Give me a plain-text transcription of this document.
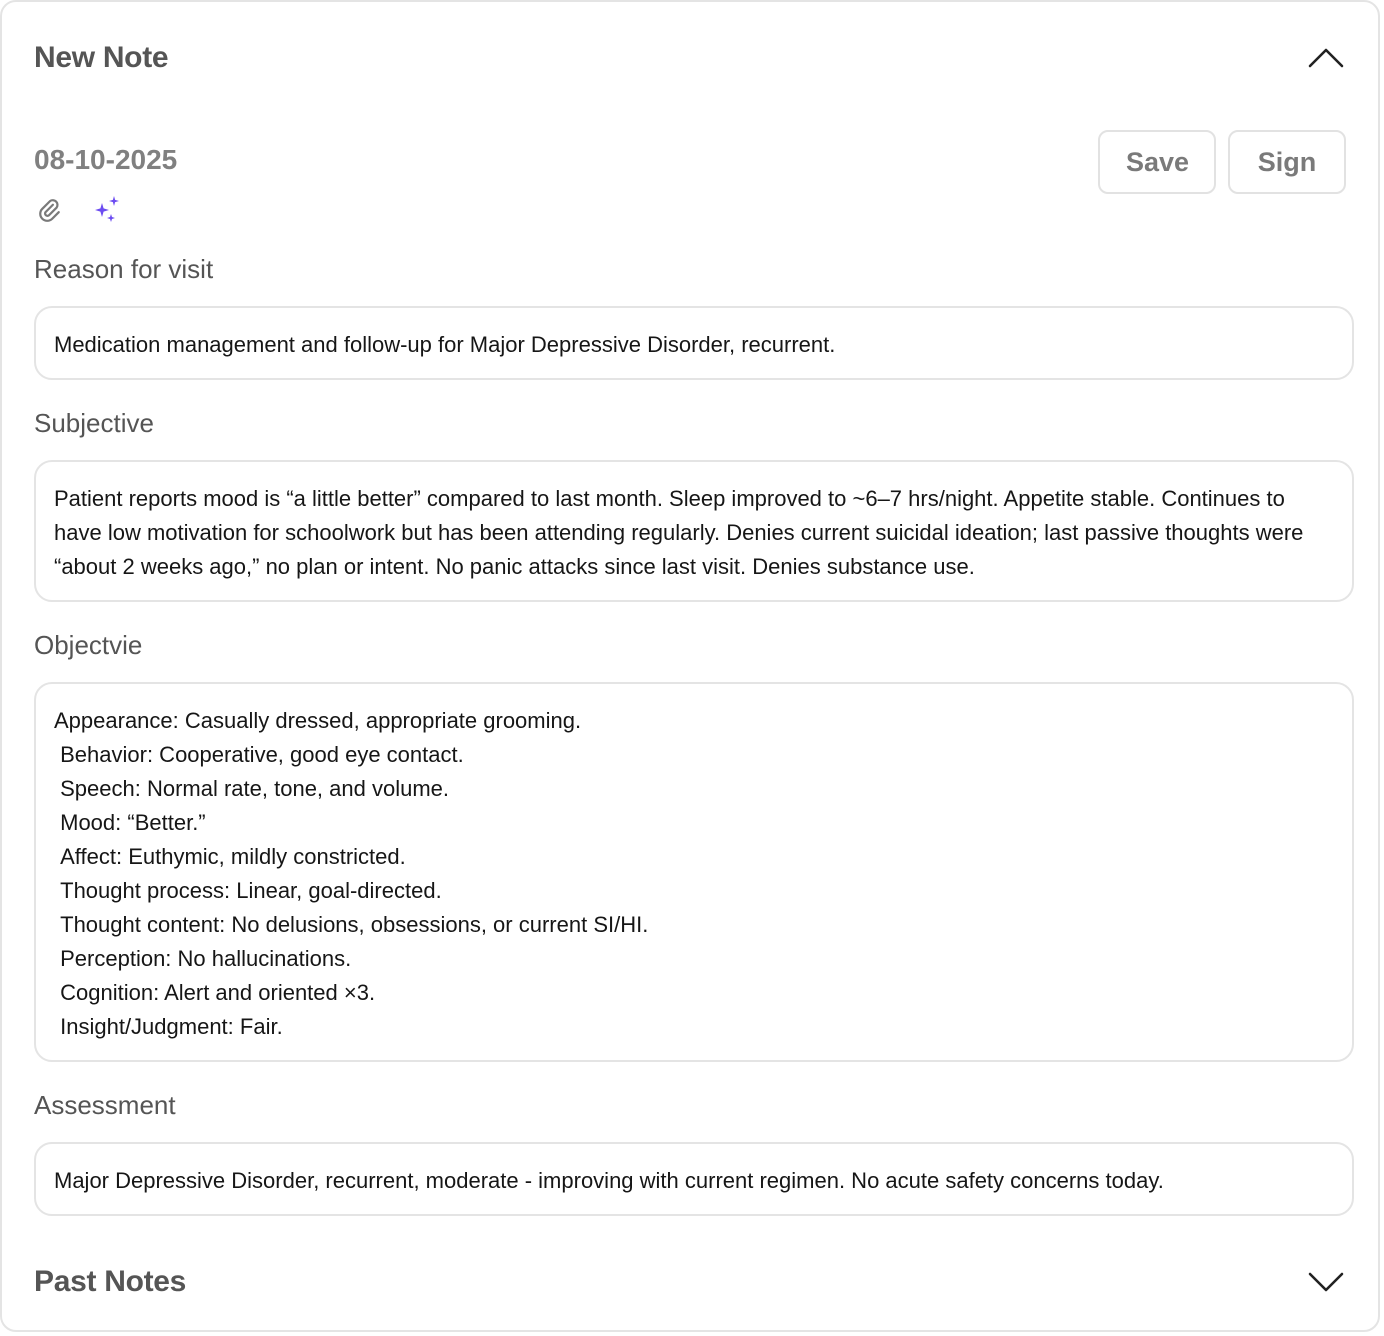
New Note
08-10-2025	Save	Sign
Reason for visit
Medication management and follow-up for Major Depressive Disorder, recurrent.
Subjective
Patient reports mood is “a little better” compared to last month. Sleep improved to ~6–7 hrs/night. Appetite stable. Continues to have low motivation for schoolwork but has been attending regularly. Denies current suicidal ideation; last passive thoughts were “about 2 weeks ago,” no plan or intent. No panic attacks since last visit. Denies substance use.
Objectvie
Appearance: Casually dressed, appropriate grooming.
Behavior: Cooperative, good eye contact.
Speech: Normal rate, tone, and volume.
Mood: “Better.”
Affect: Euthymic, mildly constricted.
Thought process: Linear, goal-directed.
Thought content: No delusions, obsessions, or current SI/HI.
Perception: No hallucinations.
Cognition: Alert and oriented ×3.
Insight/Judgment: Fair.
Assessment
Major Depressive Disorder, recurrent, moderate - improving with current regimen. No acute safety concerns today.
Past Notes
